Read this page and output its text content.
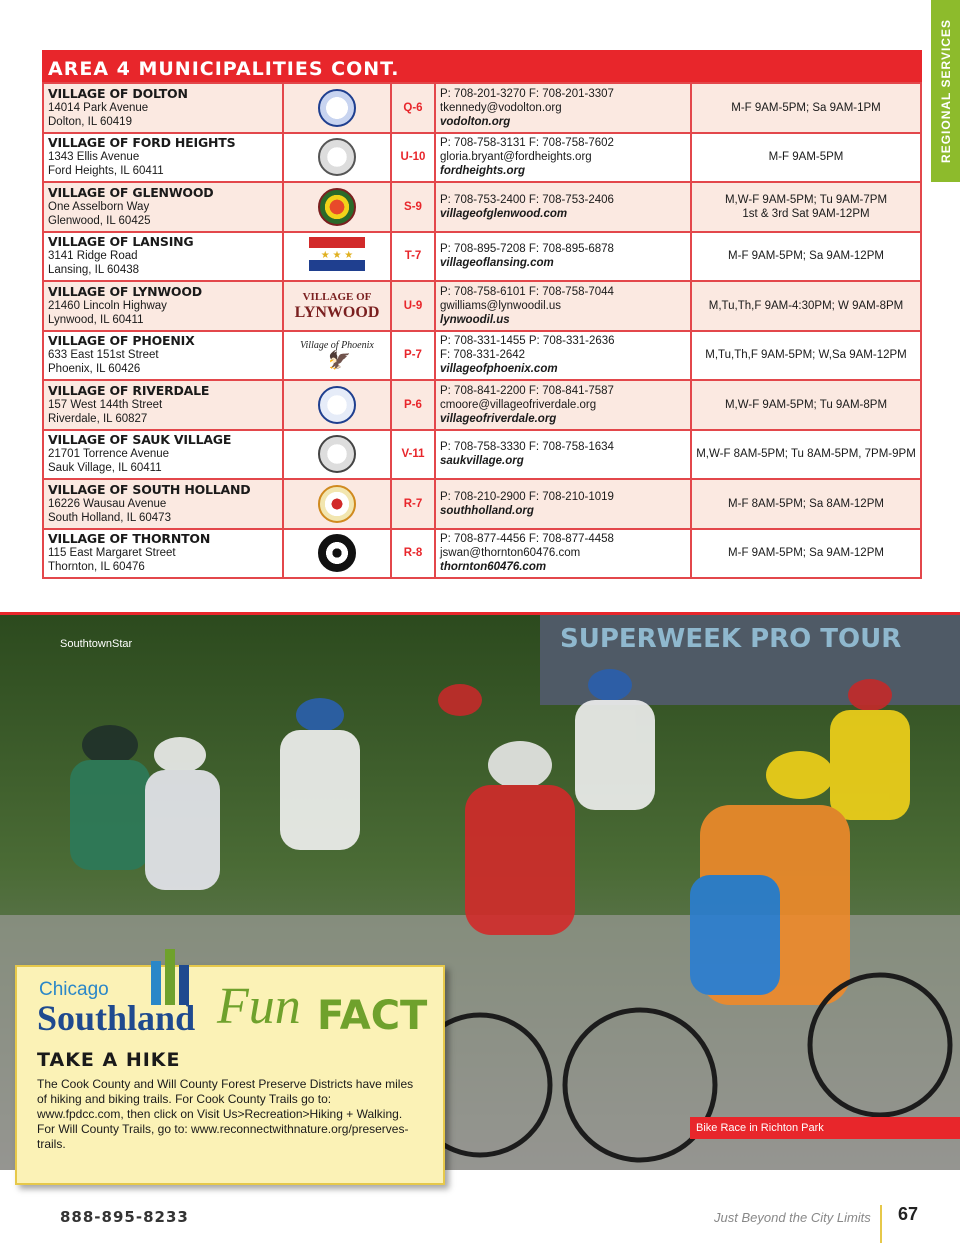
REGIONAL SERVICES
AREA 4 MUNICIPALITIES CONT.
VILLAGE OF DOLTON
14014 Park Avenue
Dolton, IL 60419		Q-6	P: 708-201-3270 F: 708-201-3307
tkennedy@vodolton.org
vodolton.org	M-F 9AM-5PM; Sa 9AM-1PM

VILLAGE OF FORD HEIGHTS
1343 Ellis Avenue
Ford Heights, IL 60411		U-10	P: 708-758-3131 F: 708-758-7602
gloria.bryant@fordheights.org
fordheights.org	M-F 9AM-5PM

VILLAGE OF GLENWOOD
One Asselborn Way
Glenwood, IL 60425		S-9	P: 708-753-2400 F: 708-753-2406
villageofglenwood.com	M,W-F 9AM-5PM; Tu 9AM-7PM
1st & 3rd Sat 9AM-12PM

VILLAGE OF LANSING
3141 Ridge Road
Lansing, IL 60438	★ ★ ★	T-7	P: 708-895-7208 F: 708-895-6878
villageoflansing.com	M-F 9AM-5PM; Sa 9AM-12PM

VILLAGE OF LYNWOOD
21460 Lincoln Highway
Lynwood, IL 60411	VILLAGE OF
LYNWOOD	U-9	P: 708-758-6101 F: 708-758-7044
gwilliams@lynwoodil.us
lynwoodil.us	M,Tu,Th,F 9AM-4:30PM; W 9AM-8PM

VILLAGE OF PHOENIX
633 East 151st Street
Phoenix, IL 60426	Village of Phoenix
🦅	P-7	P: 708-331-1455 P: 708-331-2636
F: 708-331-2642
villageofphoenix.com	M,Tu,Th,F 9AM-5PM; W,Sa 9AM-12PM

VILLAGE OF RIVERDALE
157 West 144th Street
Riverdale, IL 60827		P-6	P: 708-841-2200 F: 708-841-7587
cmoore@villageofriverdale.org
villageofriverdale.org	M,W-F 9AM-5PM; Tu 9AM-8PM

VILLAGE OF SAUK VILLAGE
21701 Torrence Avenue
Sauk Village, IL 60411		V-11	P: 708-758-3330 F: 708-758-1634
saukvillage.org	M,W-F 8AM-5PM; Tu 8AM-5PM, 7PM-9PM

VILLAGE OF SOUTH HOLLAND
16226 Wausau Avenue
South Holland, IL 60473		R-7	P: 708-210-2900 F: 708-210-1019
southholland.org	M-F 8AM-5PM; Sa 8AM-12PM

VILLAGE OF THORNTON
115 East Margaret Street
Thornton, IL 60476		R-8	P: 708-877-4456 F: 708-877-4458
jswan@thornton60476.com
thornton60476.com	M-F 9AM-5PM; Sa 9AM-12PM
SUPERWEEK PRO TOUR
SouthtownStar
Bike Race in Richton Park
Chicago
Southland Fun FACT
TAKE A HIKE
The Cook County and Will County Forest Preserve Districts have miles of hiking and biking trails. For Cook County Trails go to: www.fpdcc.com, then click on Visit Us>Recreation>Hiking + Walking. For Will County Trails, go to: www.reconnectwithnature.org/preserves-trails.
888-895-8233	Just Beyond the City Limits 67
